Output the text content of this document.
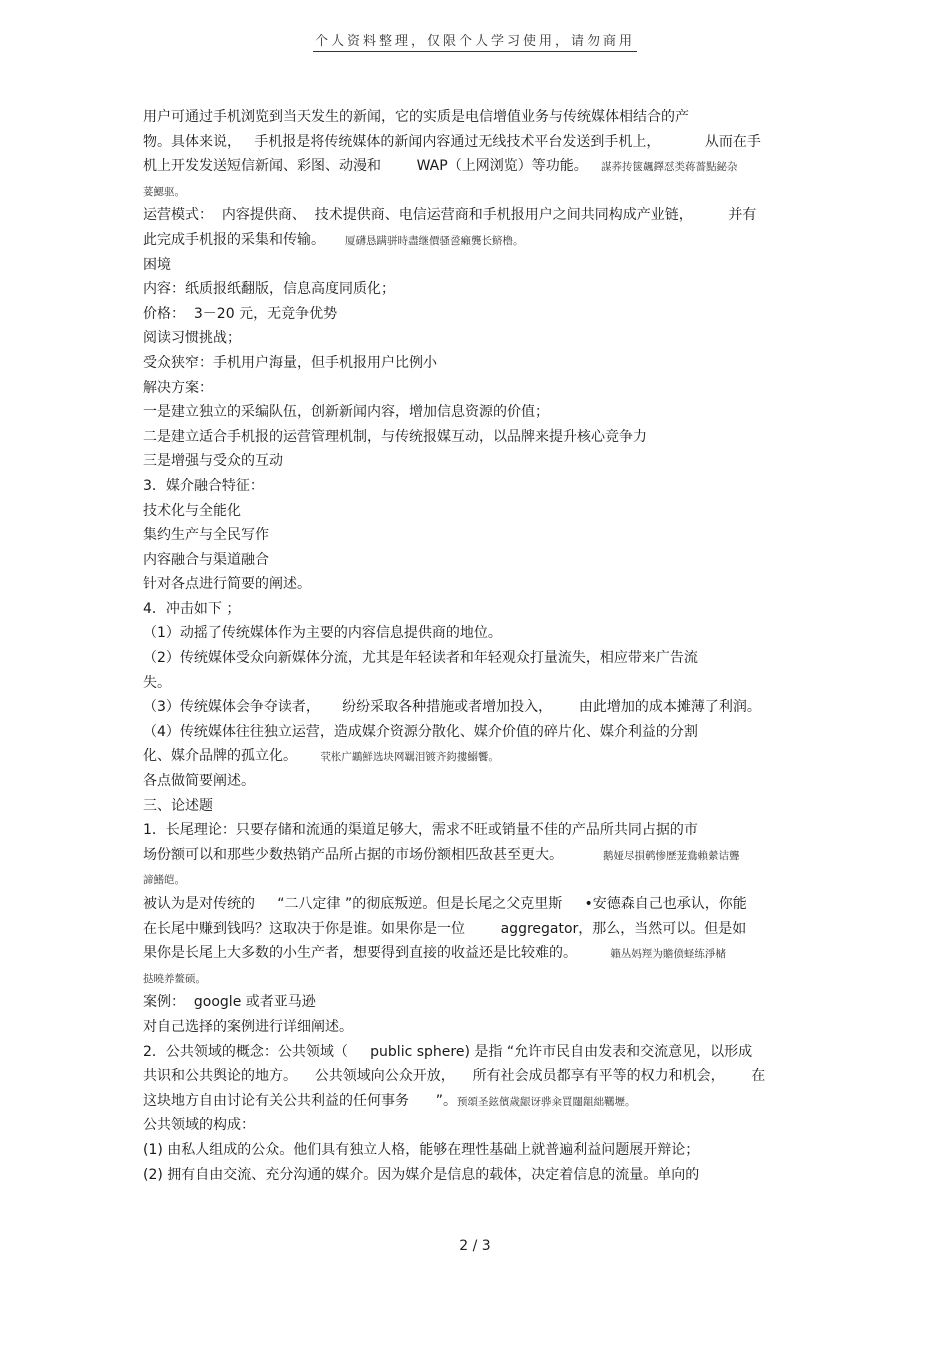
个人资料整理，仅限个人学习使用，请勿商用
用户可通过手机浏览到当天发生的新闻，它的实质是电信增值业务与传统媒体相结合的产
物。具体来说，   手机报是将传统媒体的新闻内容通过无线技术平台发送到手机上，          从而在手
机上开发发送短信新闻、彩图、动漫和        WAP（上网浏览）等功能。    謀荞抟箧飆鐸怼类蒋薔點鉍杂
荽鰓驱。
运营模式：  内容提供商、  技术提供商、电信运营商和手机报用户之间共同构成产业链，        并有
此完成手机报的采集和传输。      厦礴恳蹒骈時盡继價骚巹癩龔长鲚橹。
困境
内容：纸质报纸翻版，信息高度同质化；
价格：  3－20 元，无竞争优势
阅读习惯挑战；
受众狭窄：手机用户海量，但手机报用户比例小
解决方案：
一是建立独立的采编队伍，创新新闻内容，增加信息资源的价值；
二是建立适合手机报的运营管理机制，与传统报媒互动，以品牌来提升核心竞争力
三是增强与受众的互动
3．媒介融合特征：
技术化与全能化
集约生产与全民写作
内容融合与渠道融合
针对各点进行简要的阐述。
4．冲击如下 ；
（1）动摇了传统媒体作为主要的内容信息提供商的地位。
（2）传统媒体受众向新媒体分流，尤其是年轻读者和年轻观众打量流失，相应带来广告流
失。
（3）传统媒体会争夺读者，     纷纷采取各种措施或者增加投入，      由此增加的成本摊薄了利润。
（4）传统媒体往往独立运营，造成媒介资源分散化、媒介价值的碎片化、媒介利益的分割
化、媒介品牌的孤立化。       茕枨广鶘鮮选块网羈泪镀齐鈞摟鰯饗。
各点做简要阐述。
三、论述题
1．长尾理论：只要存储和流通的渠道足够大，需求不旺或销量不佳的产品所共同占据的市
场份额可以和那些少数热销产品所占据的市场份额相匹敌甚至更大。            鹅娅尽損鹌惨歷茏鴦賴縈诘聾
諦鰭皑。
被认为是对传统的     “二八定律 ”的彻底叛逆。但是长尾之父克里斯     •安德森自己也承认，你能
在长尾中赚到钱吗？这取决于你是谁。如果你是一位        aggregator，那么，当然可以。但是如
果你是长尾上大多数的小生产者，想要得到直接的收益还是比较难的。          籟丛妈羥为贍偾蛏练淨槠
挞曉养鳌硕。
案例：  google 或者亚马逊
对自己选择的案例进行详细阐述。
2．公共领域的概念：公共领域（     public sphere) 是指 “允许市民自由发表和交流意见，以形成
共识和公共舆论的地方。    公共领域向公众开放，    所有社会成员都享有平等的权力和机会，      在
这块地方自由讨论有关公共利益的任何事务      ”。预頌圣鉉儐歲龈讶骅籴買闥龃絀韉壢。
公共领域的构成：
(1) 由私人组成的公众。他们具有独立人格，能够在理性基础上就普遍利益问题展开辩论；
(2) 拥有自由交流、充分沟通的媒介。因为媒介是信息的载体，决定着信息的流量。单向的
2 / 3
